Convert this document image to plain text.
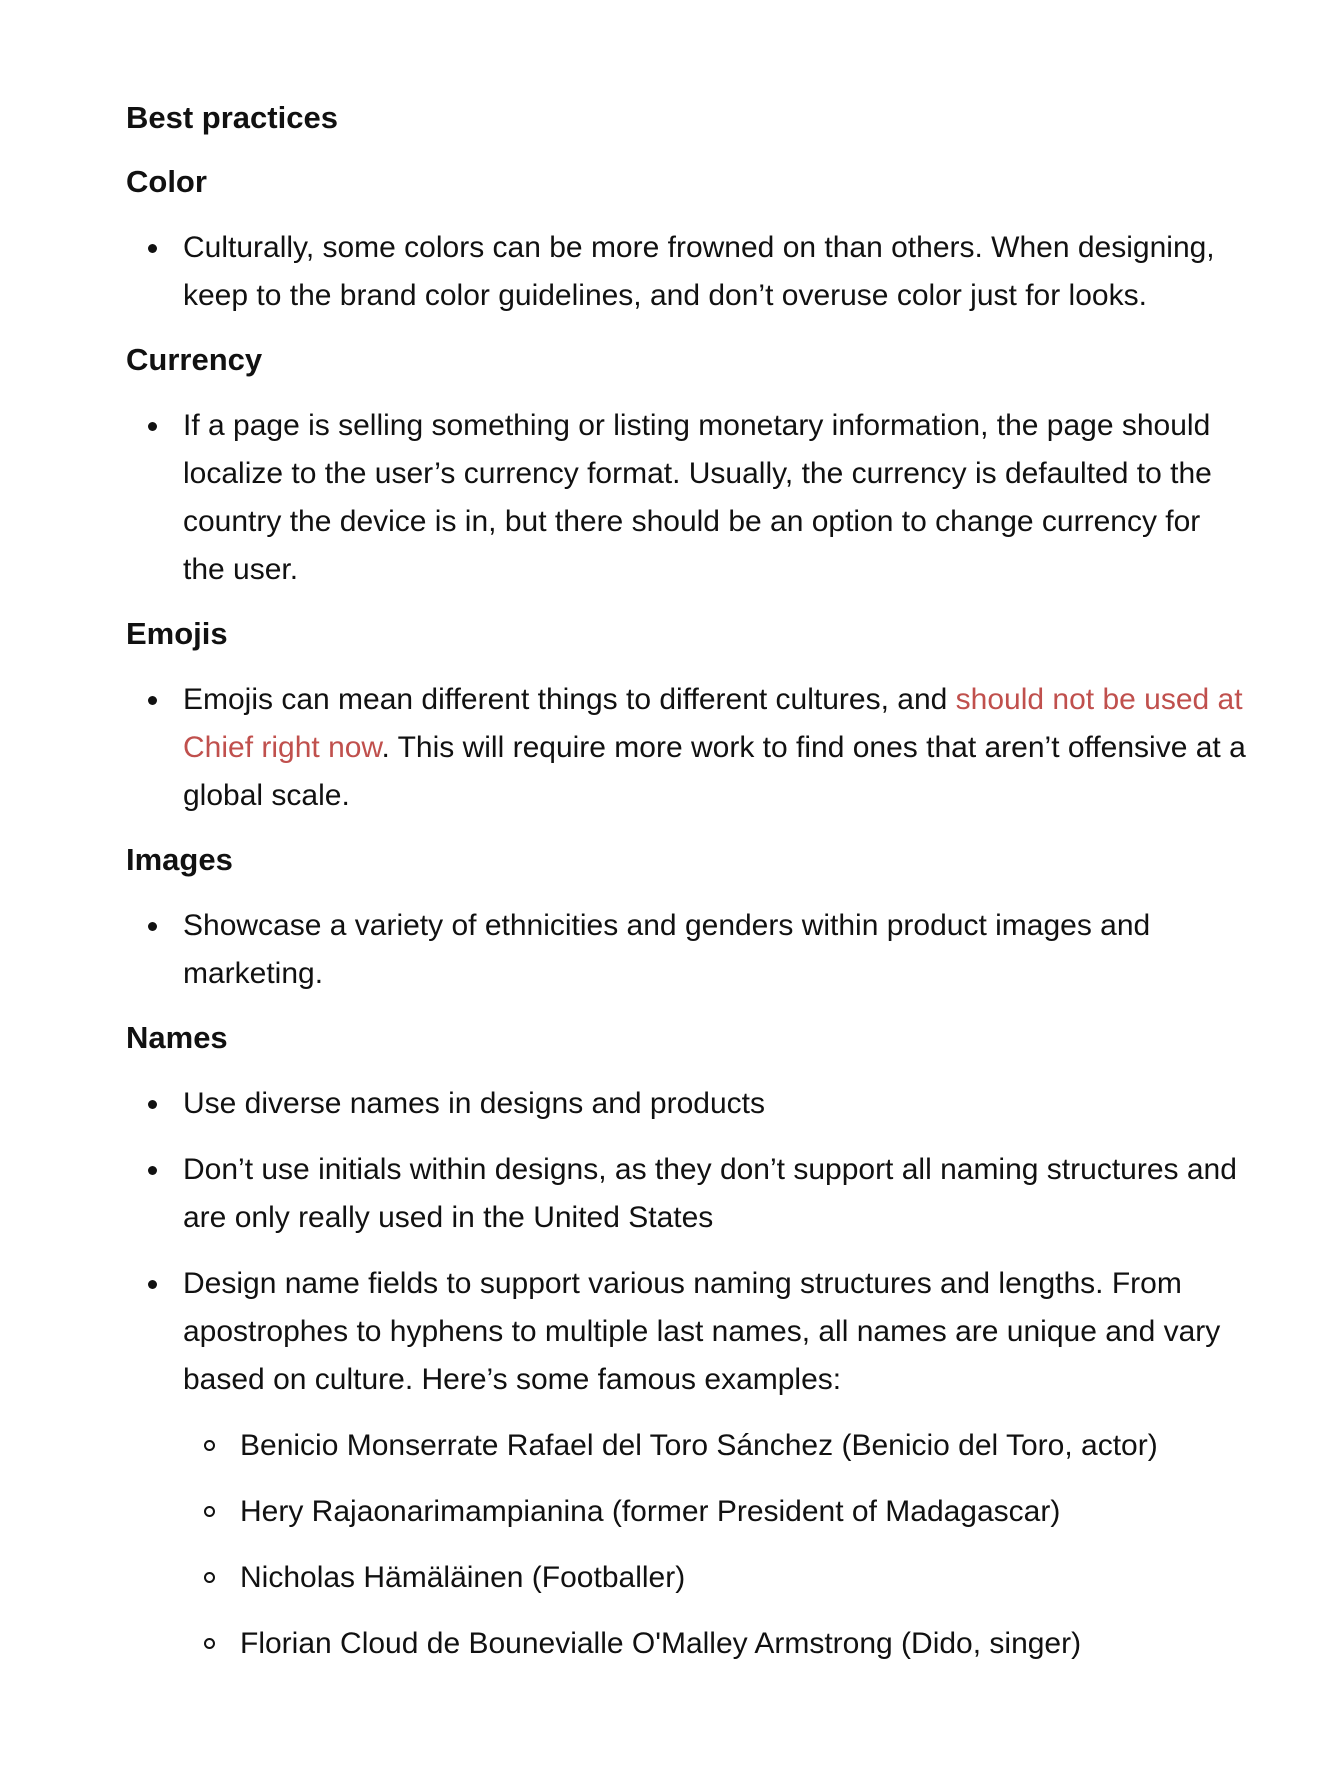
Best practices
Color
Culturally, some colors can be more frowned on than others. When designing, keep to the brand color guidelines, and don’t overuse color just for looks.
Currency
If a page is selling something or listing monetary information, the page should localize to the user’s currency format. Usually, the currency is defaulted to the country the device is in, but there should be an option to change currency for the user.
Emojis
Emojis can mean different things to different cultures, and should not be used at Chief right now. This will require more work to find ones that aren’t offensive at a global scale.
Images
Showcase a variety of ethnicities and genders within product images and marketing.
Names
Use diverse names in designs and products
Don’t use initials within designs, as they don’t support all naming structures and are only really used in the United States
Design name fields to support various naming structures and lengths. From apostrophes to hyphens to multiple last names, all names are unique and vary based on culture. Here’s some famous examples:
Benicio Monserrate Rafael del Toro Sánchez (Benicio del Toro, actor)
Hery Rajaonarimampianina (former President of Madagascar)
Nicholas Hämäläinen (Footballer)
Florian Cloud de Bounevialle O'Malley Armstrong (Dido, singer)
